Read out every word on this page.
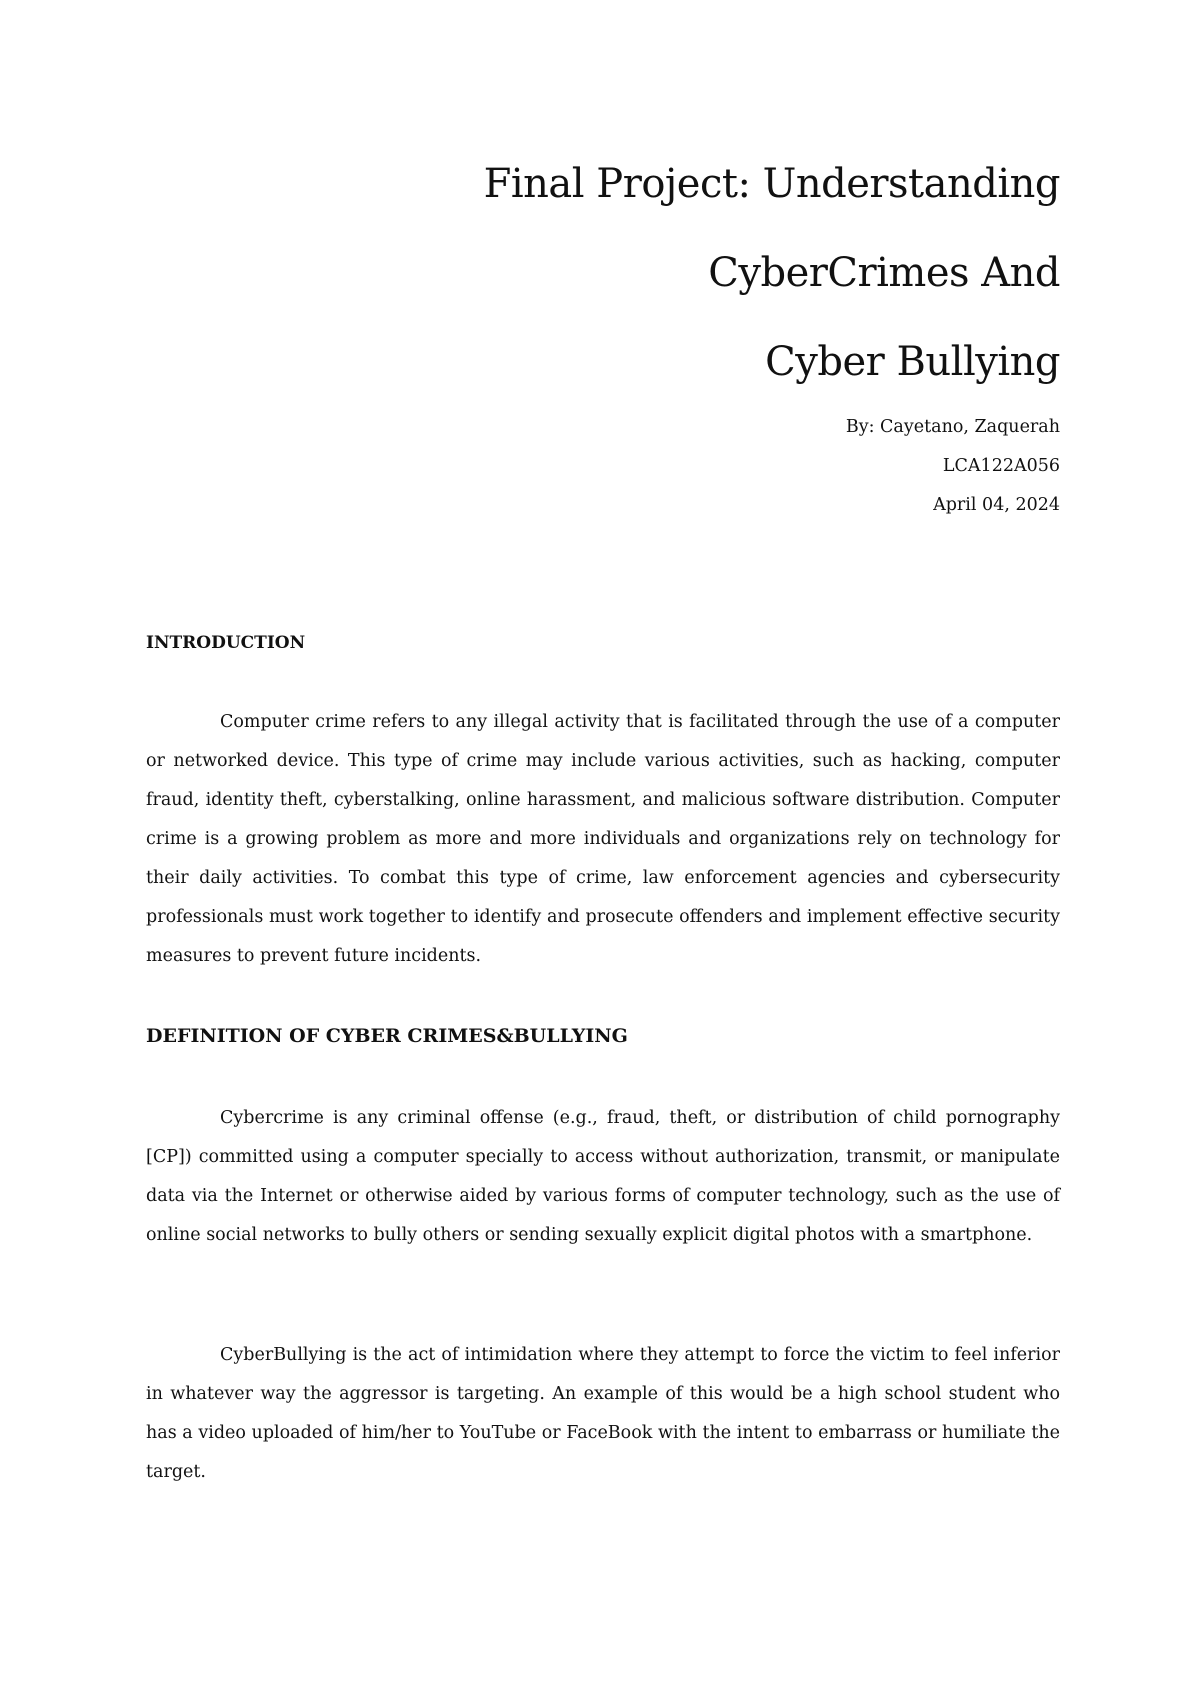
Final Project: Understanding
CyberCrimes And
Cyber Bullying
By: Cayetano, Zaquerah
LCA122A056
April 04, 2024
INTRODUCTION

Computer crime refers to any illegal activity that is facilitated through the use of a computer or networked device. This type of crime may include various activities, such as hacking, computer fraud, identity theft, cyberstalking, online harassment, and malicious software distribution. Computer crime is a growing problem as more and more individuals and organizations rely on technology for their daily activities. To combat this type of crime, law enforcement agencies and cybersecurity professionals must work together to identify and prosecute offenders and implement effective security measures to prevent future incidents.

DEFINITION OF CYBER CRIMES&BULLYING

Cybercrime is any criminal offense (e.g., fraud, theft, or distribution of child pornography [CP]) committed using a computer specially to access without authorization, transmit, or manipulate data via the Internet or otherwise aided by various forms of computer technology, such as the use of online social networks to bully others or sending sexually explicit digital photos with a smartphone.

CyberBullying is the act of intimidation where they attempt to force the victim to feel inferior in whatever way the aggressor is targeting. An example of this would be a high school student who has a video uploaded of him/her to YouTube or FaceBook with the intent to embarrass or humiliate the target.
